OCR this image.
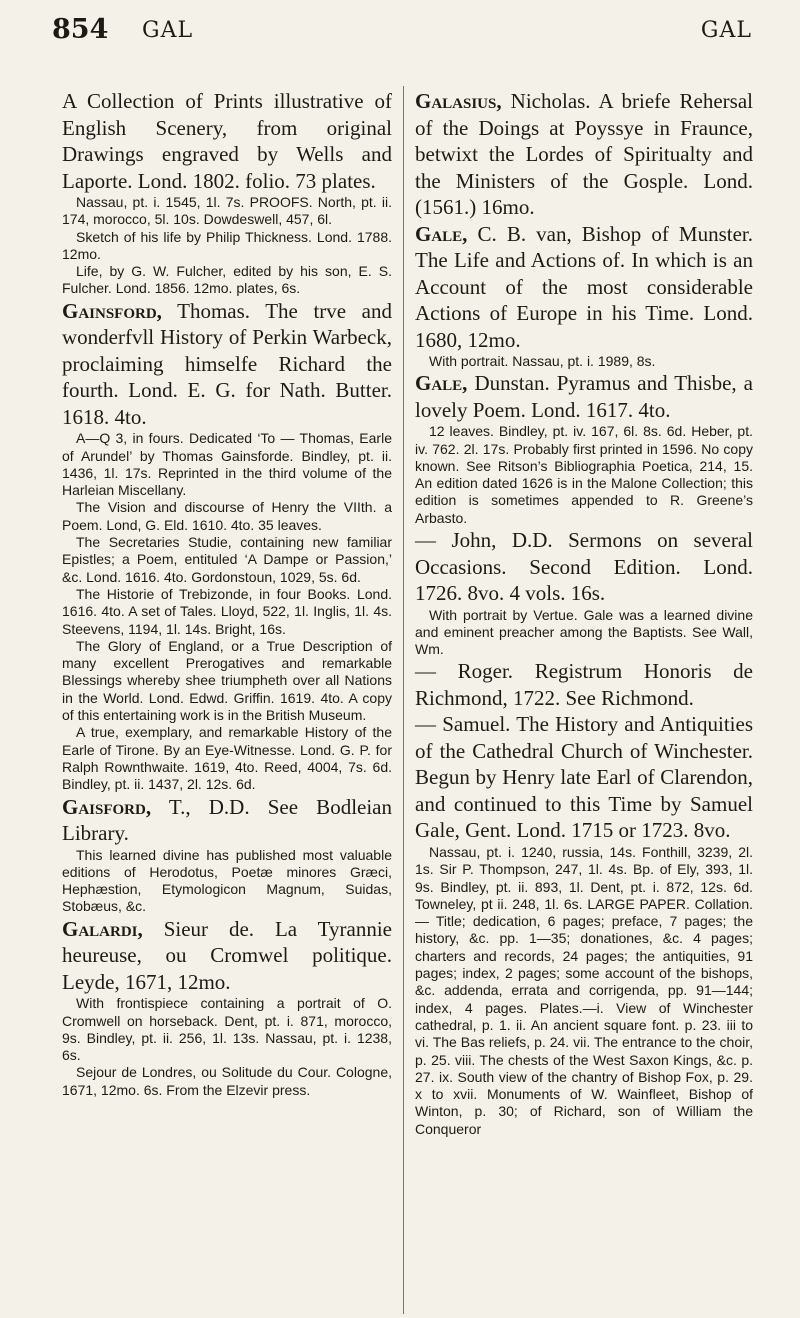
854 GAL	GAL

A Collection of Prints illustrative of English Scenery, from original Drawings engraved by Wells and Laporte. Lond. 1802. folio. 73 plates.

Nassau, pt. i. 1545, 1l. 7s. PROOFS. North, pt. ii. 174, morocco, 5l. 10s. Dowdeswell, 457, 6l.

Sketch of his life by Philip Thickness. Lond. 1788. 12mo.

Life, by G. W. Fulcher, edited by his son, E. S. Fulcher. Lond. 1856. 12mo. plates, 6s.

Gainsford, Thomas. The trve and wonderfvll History of Perkin Warbeck, proclaiming himselfe Richard the fourth. Lond. E. G. for Nath. Butter. 1618. 4to.

A—Q 3, in fours. Dedicated ‘To — Thomas, Earle of Arundel’ by Thomas Gainsforde. Bindley, pt. ii. 1436, 1l. 17s. Reprinted in the third volume of the Harleian Miscellany.

The Vision and discourse of Henry the VIIth. a Poem. Lond, G. Eld. 1610. 4to. 35 leaves.

The Secretaries Studie, containing new familiar Epistles; a Poem, entituled ‘A Dampe or Passion,’ &c. Lond. 1616. 4to. Gordonstoun, 1029, 5s. 6d.

The Historie of Trebizonde, in four Books. Lond. 1616. 4to. A set of Tales. Lloyd, 522, 1l. Inglis, 1l. 4s. Steevens, 1194, 1l. 14s. Bright, 16s.

The Glory of England, or a True Description of many excellent Prerogatives and remarkable Blessings whereby shee triumpheth over all Nations in the World. Lond. Edwd. Griffin. 1619. 4to. A copy of this entertaining work is in the British Museum.

A true, exemplary, and remarkable History of the Earle of Tirone. By an Eye-Witnesse. Lond. G. P. for Ralph Rownthwaite. 1619, 4to. Reed, 4004, 7s. 6d. Bindley, pt. ii. 1437, 2l. 12s. 6d.

Gaisford, T., D.D. See Bodleian Library.

This learned divine has published most valuable editions of Herodotus, Poetæ minores Græci, Hephæstion, Etymologicon Magnum, Suidas, Stobæus, &c.

Galardi, Sieur de. La Tyrannie heureuse, ou Cromwel politique. Leyde, 1671, 12mo.

With frontispiece containing a portrait of O. Cromwell on horseback. Dent, pt. i. 871, morocco, 9s. Bindley, pt. ii. 256, 1l. 13s. Nassau, pt. i. 1238, 6s.

Sejour de Londres, ou Solitude du Cour. Cologne, 1671, 12mo. 6s. From the Elzevir press.

Galasius, Nicholas. A briefe Rehersal of the Doings at Poyssye in Fraunce, betwixt the Lordes of Spiritualty and the Ministers of the Gosple. Lond. (1561.) 16mo.

Gale, C. B. van, Bishop of Munster. The Life and Actions of. In which is an Account of the most considerable Actions of Europe in his Time. Lond. 1680, 12mo.

With portrait. Nassau, pt. i. 1989, 8s.

Gale, Dunstan. Pyramus and Thisbe, a lovely Poem. Lond. 1617. 4to.

12 leaves. Bindley, pt. iv. 167, 6l. 8s. 6d. Heber, pt. iv. 762. 2l. 17s. Probably first printed in 1596. No copy known. See Ritson’s Bibliographia Poetica, 214, 15. An edition dated 1626 is in the Malone Collection; this edition is sometimes appended to R. Greene’s Arbasto.

— John, D.D. Sermons on several Occasions. Second Edition. Lond. 1726. 8vo. 4 vols. 16s.

With portrait by Vertue. Gale was a learned divine and eminent preacher among the Baptists. See Wall, Wm.

— Roger. Registrum Honoris de Richmond, 1722. See Richmond.

— Samuel. The History and Antiquities of the Cathedral Church of Winchester. Begun by Henry late Earl of Clarendon, and continued to this Time by Samuel Gale, Gent. Lond. 1715 or 1723. 8vo.

Nassau, pt. i. 1240, russia, 14s. Fonthill, 3239, 2l. 1s. Sir P. Thompson, 247, 1l. 4s. Bp. of Ely, 393, 1l. 9s. Bindley, pt. ii. 893, 1l. Dent, pt. i. 872, 12s. 6d. Towneley, pt ii. 248, 1l. 6s. LARGE PAPER. Collation. — Title; dedication, 6 pages; preface, 7 pages; the history, &c. pp. 1—35; donationes, &c. 4 pages; charters and records, 24 pages; the antiquities, 91 pages; index, 2 pages; some account of the bishops, &c. addenda, errata and corrigenda, pp. 91—144; index, 4 pages. Plates.—i. View of Winchester cathedral, p. 1. ii. An ancient square font. p. 23. iii to vi. The Bas reliefs, p. 24. vii. The entrance to the choir, p. 25. viii. The chests of the West Saxon Kings, &c. p. 27. ix. South view of the chantry of Bishop Fox, p. 29. x to xvii. Monuments of W. Wainfleet, Bishop of Winton, p. 30; of Richard, son of William the Conqueror
